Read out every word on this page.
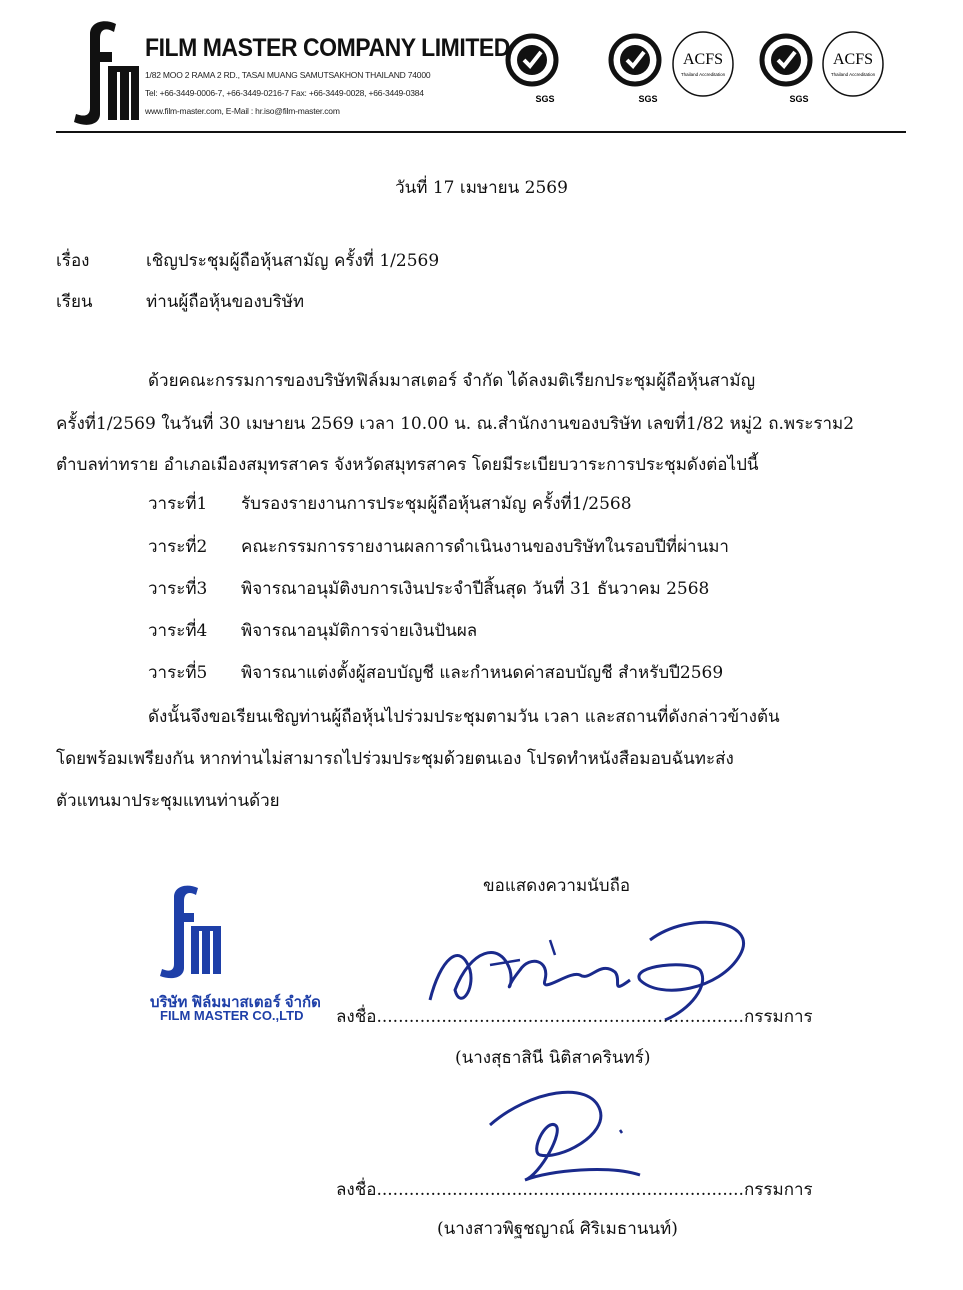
FILM MASTER COMPANY LIMITED
1/82 MOO 2 RAMA 2 RD., TASAI MUANG SAMUTSAKHON THAILAND 74000
Tel: +66-3449-0006-7, +66-3449-0216-7 Fax: +66-3449-0028, +66-3449-0384
www.film-master.com, E-Mail : hr.iso@film-master.com
SGS	SGS
ACFS
Thailand Accreditation
SGS
ACFS
Thailand Accreditation
วันที่ 17 เมษายน 2569
เรื่อง	เชิญประชุมผู้ถือหุ้นสามัญ ครั้งที่ 1/2569
เรียน	ท่านผู้ถือหุ้นของบริษัท
ด้วยคณะกรรมการของบริษัทฟิล์มมาสเตอร์ จำกัด ได้ลงมติเรียกประชุมผู้ถือหุ้นสามัญ
ครั้งที่1/2569 ในวันที่ 30 เมษายน 2569 เวลา 10.00 น. ณ.สำนักงานของบริษัท เลขที่1/82 หมู่2 ถ.พระราม2
ตำบลท่าทราย อำเภอเมืองสมุทรสาคร จังหวัดสมุทรสาคร โดยมีระเบียบวาระการประชุมดังต่อไปนี้
วาระที่1 รับรองรายงานการประชุมผู้ถือหุ้นสามัญ ครั้งที่1/2568
วาระที่2 คณะกรรมการรายงานผลการดำเนินงานของบริษัทในรอบปีที่ผ่านมา
วาระที่3 พิจารณาอนุมัติงบการเงินประจำปีสิ้นสุด วันที่ 31 ธันวาคม 2568
วาระที่4 พิจารณาอนุมัติการจ่ายเงินปันผล
วาระที่5 พิจารณาแต่งตั้งผู้สอบบัญชี และกำหนดค่าสอบบัญชี สำหรับปี2569
ดังนั้นจึงขอเรียนเชิญท่านผู้ถือหุ้นไปร่วมประชุมตามวัน เวลา และสถานที่ดังกล่าวข้างต้น
โดยพร้อมเพรียงกัน หากท่านไม่สามารถไปร่วมประชุมด้วยตนเอง โปรดทำหนังสือมอบฉันทะส่ง
ตัวแทนมาประชุมแทนท่านด้วย
ขอแสดงความนับถือ
บริษัท ฟิล์มมาสเตอร์ จำกัด
FILM MASTER CO.,LTD ลงชื่อ....................................................................กรรมการ
(นางสุธาสินี นิติสาครินทร์)
ลงชื่อ....................................................................กรรมการ
(นางสาวพิฐชญาณ์ ศิริเมธานนท์)
